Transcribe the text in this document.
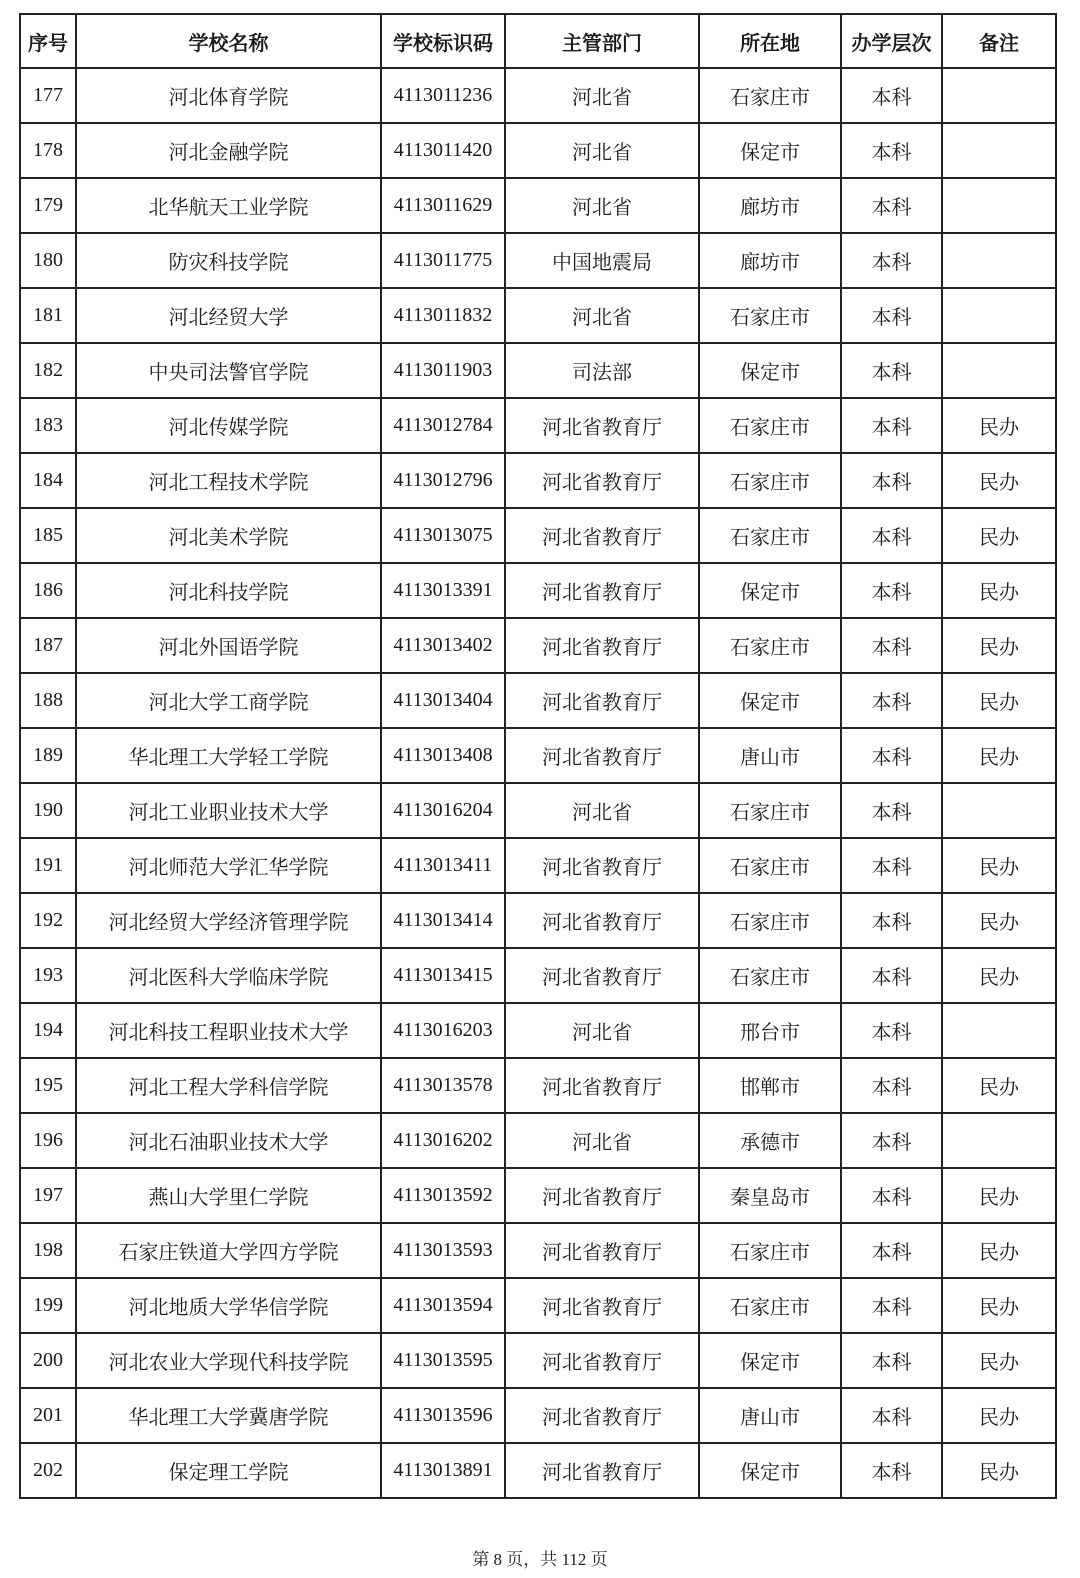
序号	学校名称	学校标识码	主管部门	所在地	办学层次	备注
177	河北体育学院	4113011236	河北省	石家庄市	本科	
178	河北金融学院	4113011420	河北省	保定市	本科	
179	北华航天工业学院	4113011629	河北省	廊坊市	本科	
180	防灾科技学院	4113011775	中国地震局	廊坊市	本科	
181	河北经贸大学	4113011832	河北省	石家庄市	本科	
182	中央司法警官学院	4113011903	司法部	保定市	本科	
183	河北传媒学院	4113012784	河北省教育厅	石家庄市	本科	民办
184	河北工程技术学院	4113012796	河北省教育厅	石家庄市	本科	民办
185	河北美术学院	4113013075	河北省教育厅	石家庄市	本科	民办
186	河北科技学院	4113013391	河北省教育厅	保定市	本科	民办
187	河北外国语学院	4113013402	河北省教育厅	石家庄市	本科	民办
188	河北大学工商学院	4113013404	河北省教育厅	保定市	本科	民办
189	华北理工大学轻工学院	4113013408	河北省教育厅	唐山市	本科	民办
190	河北工业职业技术大学	4113016204	河北省	石家庄市	本科	
191	河北师范大学汇华学院	4113013411	河北省教育厅	石家庄市	本科	民办
192	河北经贸大学经济管理学院	4113013414	河北省教育厅	石家庄市	本科	民办
193	河北医科大学临床学院	4113013415	河北省教育厅	石家庄市	本科	民办
194	河北科技工程职业技术大学	4113016203	河北省	邢台市	本科	
195	河北工程大学科信学院	4113013578	河北省教育厅	邯郸市	本科	民办
196	河北石油职业技术大学	4113016202	河北省	承德市	本科	
197	燕山大学里仁学院	4113013592	河北省教育厅	秦皇岛市	本科	民办
198	石家庄铁道大学四方学院	4113013593	河北省教育厅	石家庄市	本科	民办
199	河北地质大学华信学院	4113013594	河北省教育厅	石家庄市	本科	民办
200	河北农业大学现代科技学院	4113013595	河北省教育厅	保定市	本科	民办
201	华北理工大学冀唐学院	4113013596	河北省教育厅	唐山市	本科	民办
202	保定理工学院	4113013891	河北省教育厅	保定市	本科	民办
第 8 页，共 112 页
